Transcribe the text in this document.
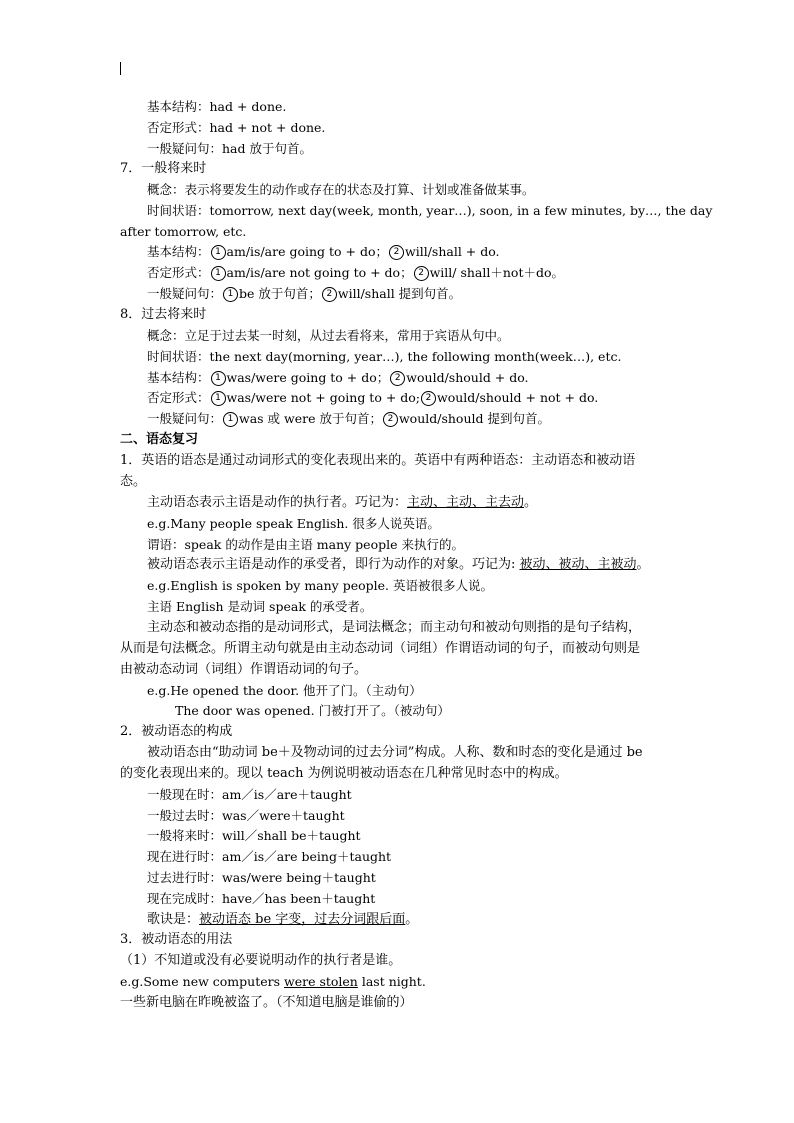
基本结构：had + done.
否定形式：had + not + done.
一般疑问句：had 放于句首。
7．一般将来时
概念：表示将要发生的动作或存在的状态及打算、计划或准备做某事。
时间状语：tomorrow, next day(week, month, year…), soon, in a few minutes, by…, the day
after tomorrow, etc.
基本结构： 1 am/is/are going to + do； 2 will/shall + do.
否定形式： 1 am/is/are not going to + do； 2 will/ shall＋not＋do。
一般疑问句： 1 be 放于句首； 2 will/shall 提到句首。
8．过去将来时
概念：立足于过去某一时刻，从过去看将来，常用于宾语从句中。
时间状语：the next day(morning, year…), the following month(week…), etc.
基本结构： 1 was/were going to + do； 2 would/should + do.
否定形式： 1 was/were not + going to + do; 2 would/should + not + do.
一般疑问句： 1 was 或 were 放于句首； 2 would/should 提到句首。
二、语态复习
1．英语的语态是通过动词形式的变化表现出来的。英语中有两种语态：主动语态和被动语
态。
主动语态表示主语是动作的执行者。巧记为：主动、主动、主去动。
e.g.Many people speak English. 很多人说英语。
谓语：speak 的动作是由主语 many people 来执行的。
被动语态表示主语是动作的承受者，即行为动作的对象。巧记为: 被动、被动、主被动。
e.g.English is spoken by many people. 英语被很多人说。
主语 English 是动词 speak 的承受者。
主动态和被动态指的是动词形式，是词法概念；而主动句和被动句则指的是句子结构，
从而是句法概念。所谓主动句就是由主动态动词（词组）作谓语动词的句子，而被动句则是
由被动态动词（词组）作谓语动词的句子。
e.g.He opened the door. 他开了门。（主动句）
The door was opened. 门被打开了。（被动句）
2．被动语态的构成
被动语态由“助动词 be＋及物动词的过去分词”构成。人称、数和时态的变化是通过 be
的变化表现出来的。现以 teach 为例说明被动语态在几种常见时态中的构成。
一般现在时：am／is／are＋taught
一般过去时：was／were＋taught
一般将来时：will／shall be＋taught
现在进行时：am／is／are being＋taught
过去进行时：was/were being＋taught
现在完成时：have／has been＋taught
歌诀是：被动语态 be 字变，过去分词跟后面。
3．被动语态的用法
（1）不知道或没有必要说明动作的执行者是谁。
e.g.Some new computers were stolen last night.
一些新电脑在昨晚被盗了。（不知道电脑是谁偷的）
